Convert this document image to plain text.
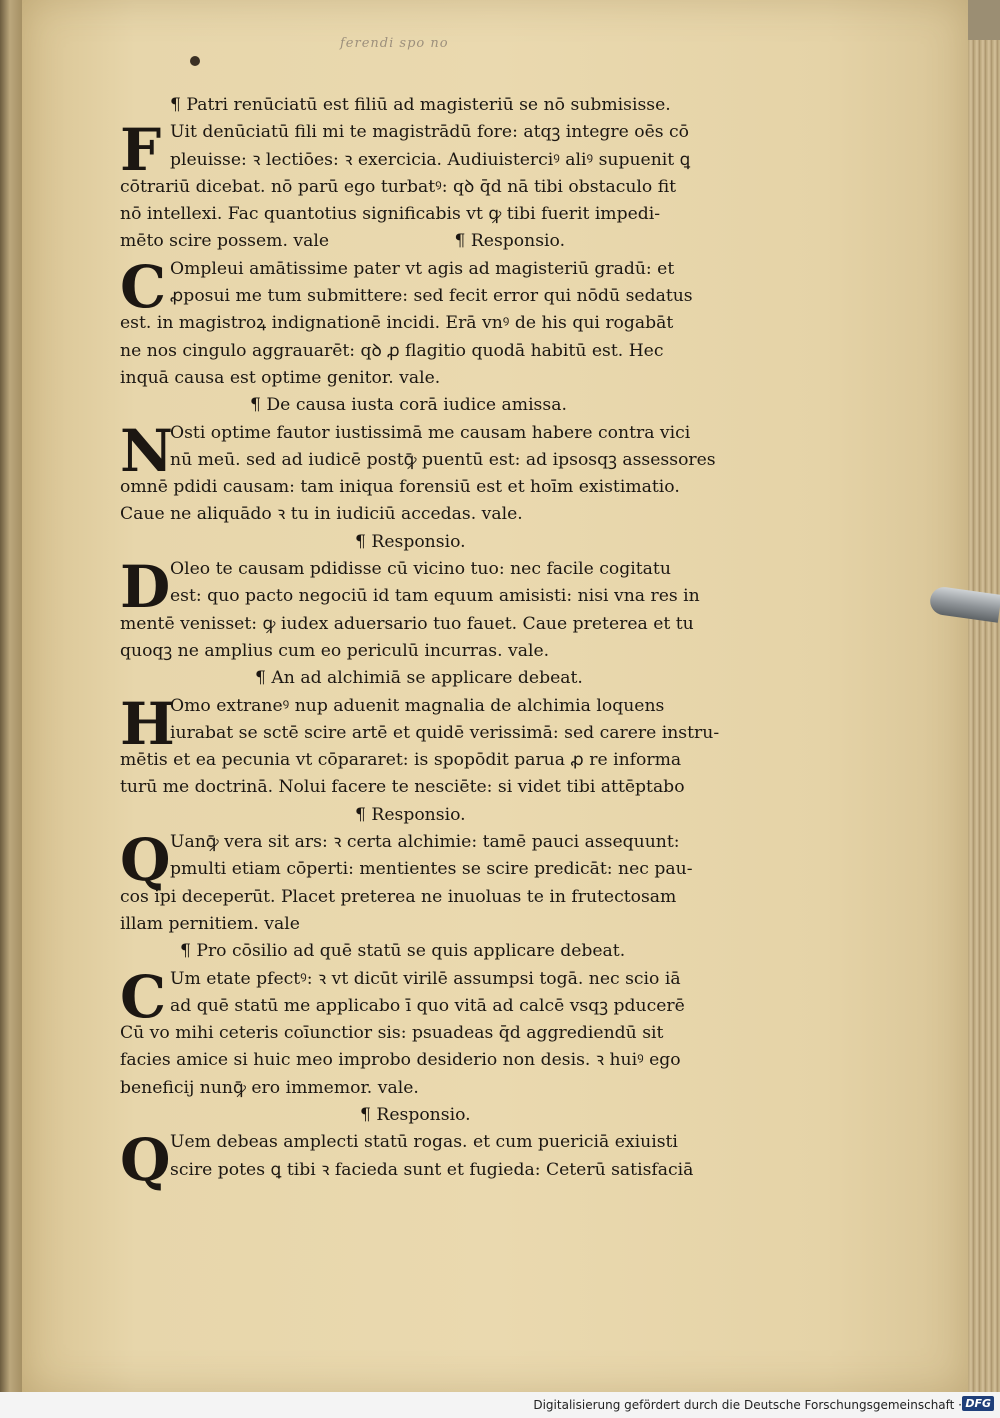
ferendi spo no
¶ Patri renūciatū est filiū ad magisteriū se nō submisisse.
F Uit denūciatū fili mi te magistrādū fore: atqꝫ integre oēs cō
pleuisse: ꝛ lectiōes: ꝛ exercicia. Audiuisterciꝰ aliꝰ supuenit ꝗ
cōtrariū dicebat. nō parū ego turbatꝰ: qꝺ q̄d nā tibi obstaculo fit
nō intellexi. Fac quantotius significabis vt ꝙ tibi fuerit impedi-
mēto scire possem. vale	¶ Responsio.
C Ompleui amātissime pater vt agis ad magisteriū gradū: et
ꝓposui me tum submittere: sed fecit error qui nōdū sedatus
est. in magistroꝝ indignationē incidi. Erā vnꝰ de his qui rogabāt
ne nos cingulo aggrauarēt: qꝺ ꝓ flagitio quodā habitū est. Hec
inquā causa est optime genitor. vale.
¶ De causa iusta corā iudice amissa.
N
Osti optime fautor iustissimā me causam habere contra vici
nū meū. sed ad iudicē postꝙ̄ puentū est: ad ipsosqꝫ assessores
omnē pdidi causam: tam iniqua forensiū est et hoīm existimatio.
Caue ne aliquādo ꝛ tu in iudiciū accedas. vale.
¶ Responsio.
D Oleo te causam pdidisse cū vicino tuo: nec facile cogitatu
est: quo pacto negociū id tam equum amisisti: nisi vna res in
mentē venisset: ꝙ iudex aduersario tuo fauet. Caue preterea et tu
quoqꝫ ne amplius cum eo periculū incurras. vale.
¶ An ad alchimiā se applicare debeat.
H
Omo extraneꝰ nup aduenit magnalia de alchimia loquens
iurabat se sctē scire artē et quidē verissimā: sed carere instru-
mētis et ea pecunia vt cōpararet: is spopōdit parua ꝓ re informa
turū me doctrinā. Nolui facere te nesciēte: si videt tibi attēptabo
¶ Responsio.
Q Uanꝙ̄ vera sit ars: ꝛ certa alchimie: tamē pauci assequunt:
pmulti etiam cōperti: mentientes se scire predicāt: nec pau-
cos ipi deceperūt. Placet preterea ne inuoluas te in frutectosam
illam pernitiem. vale
¶ Pro cōsilio ad quē statū se quis applicare debeat.
C Um etate pfectꝰ: ꝛ vt dicūt virilē assumpsi togā. nec scio iā
ad quē statū me applicabo ī quo vitā ad calcē vsqꝫ pducerē
Cū vo mihi ceteris coīunctior sis: psuadeas q̄d aggrediendū sit
facies amice si huic meo improbo desiderio non desis. ꝛ huiꝰ ego
beneficij nunꝙ̄ ero immemor. vale.
¶ Responsio.
Q Uem debeas amplecti statū rogas. et cum puericiā exiuisti
scire potes ꝗ tibi ꝛ facieda sunt et fugieda: Ceterū satisfaciā
Digitalisierung gefördert durch die Deutsche Forschungsgemeinschaft · DFG
